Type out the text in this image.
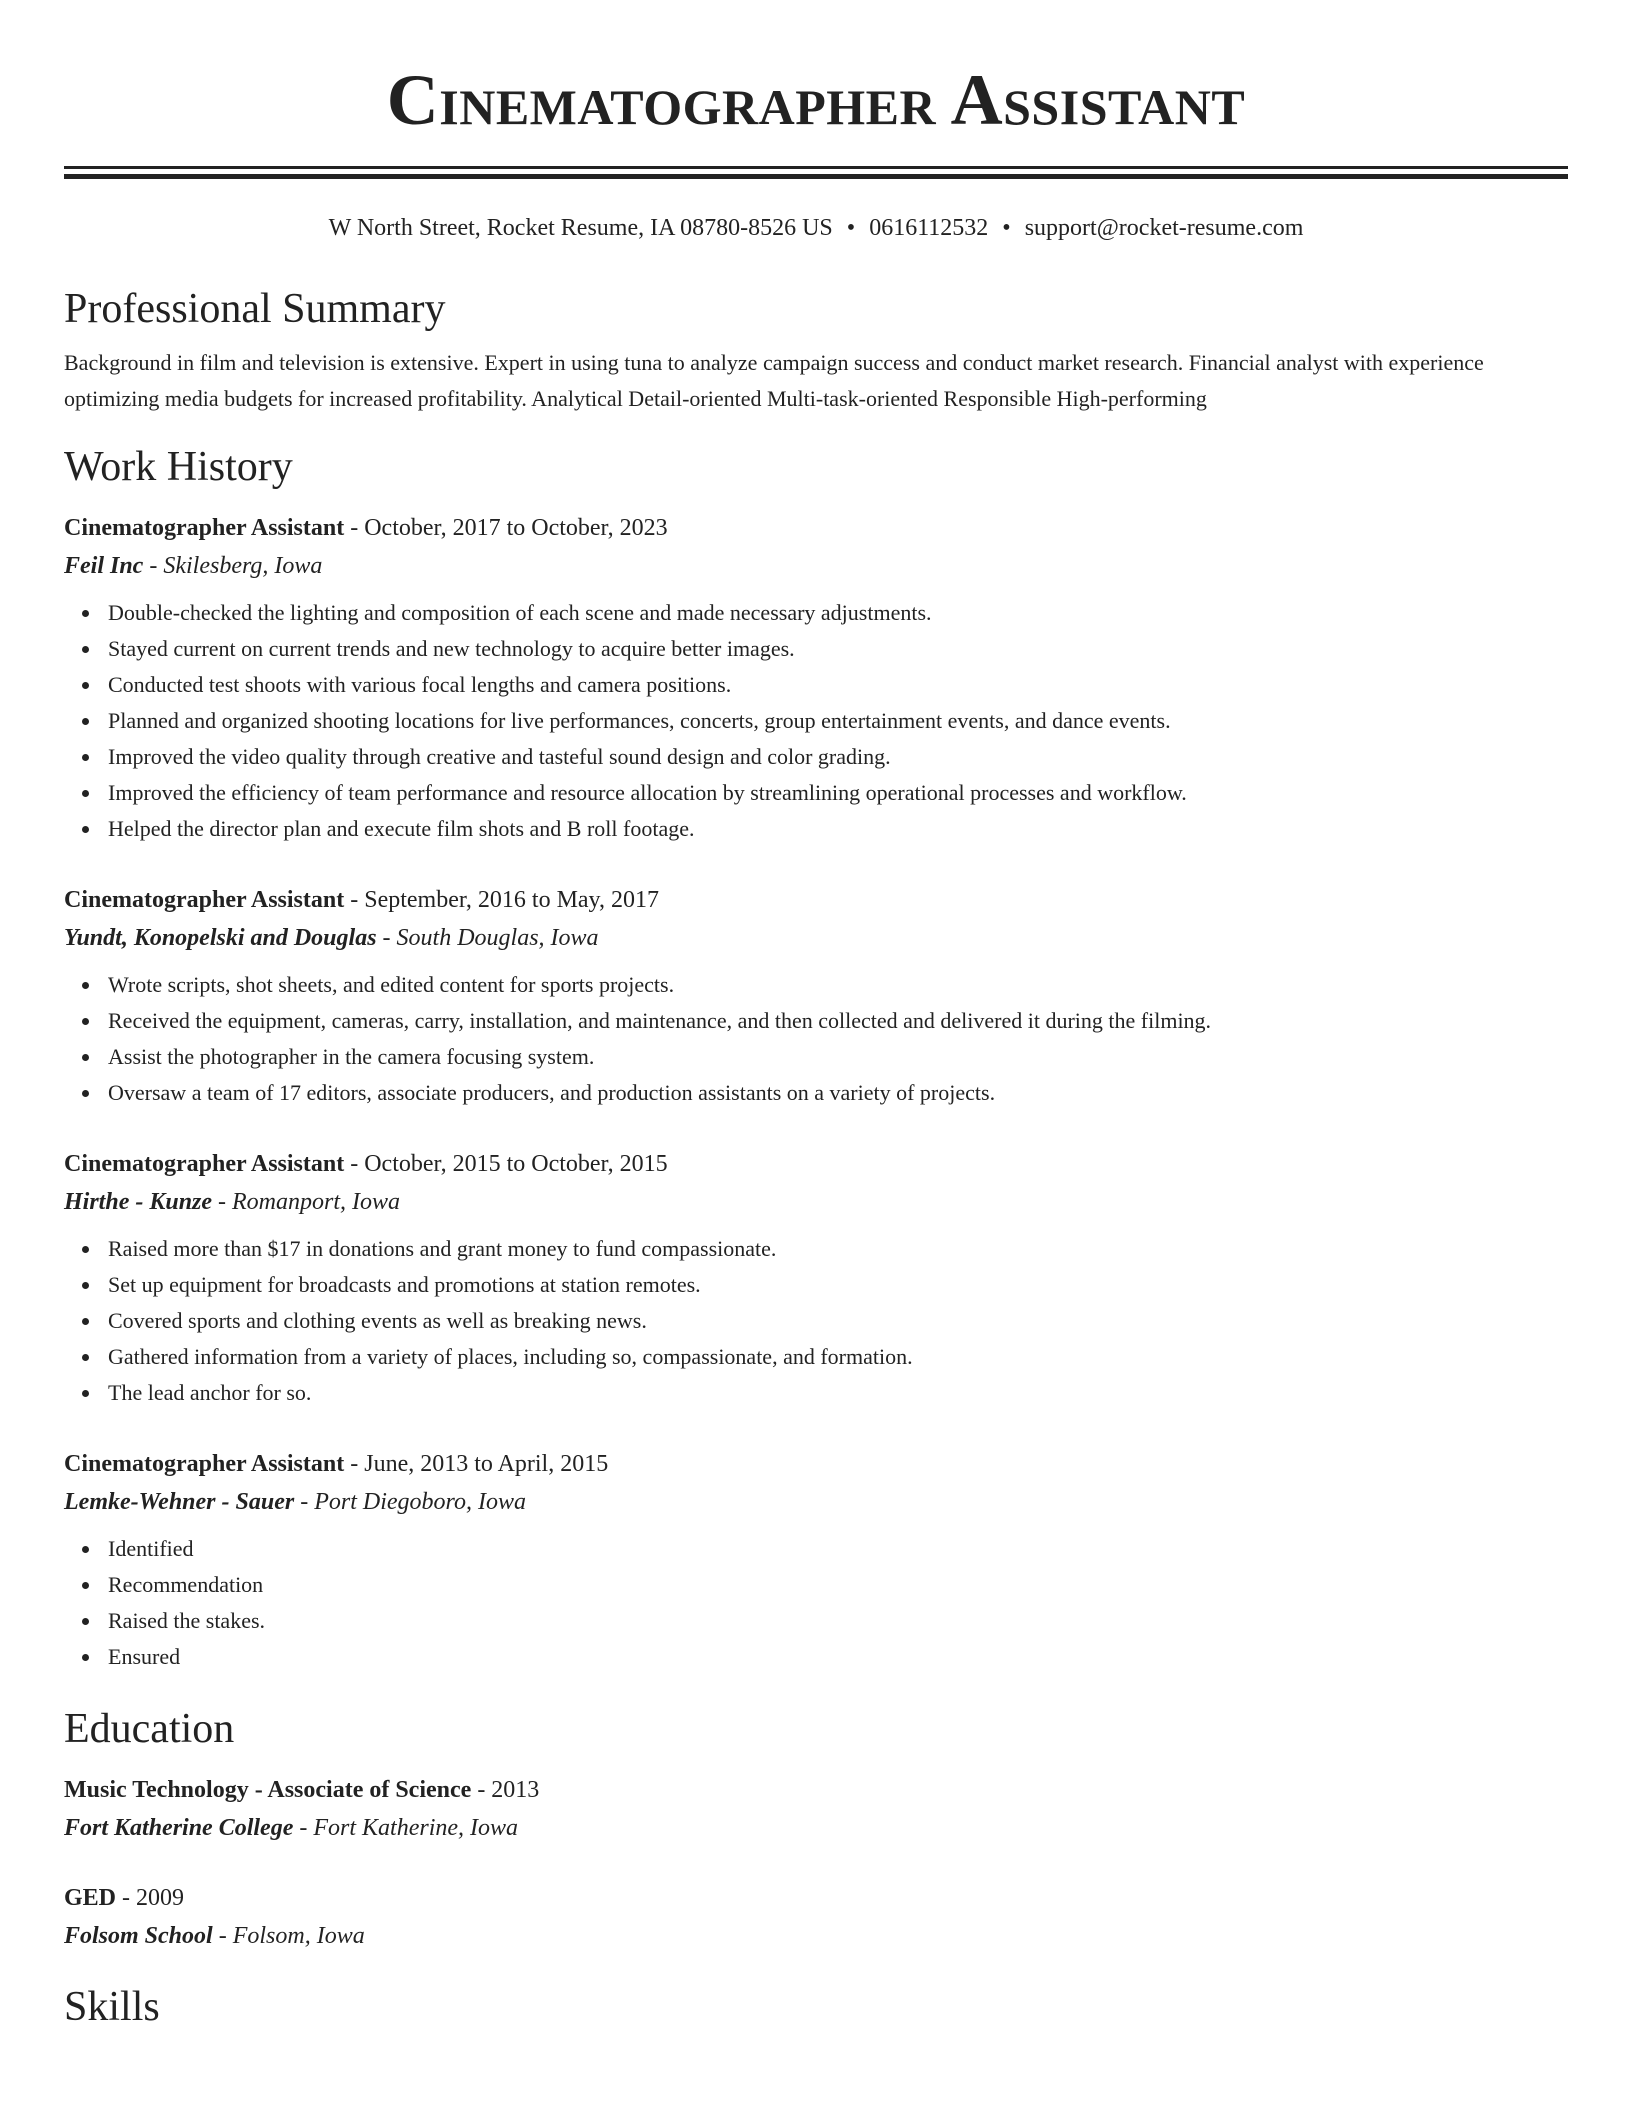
Cinematographer Assistant
W North Street, Rocket Resume, IA 08780-8526 US • 0616112532 • support@rocket-resume.com
Professional Summary
Background in film and television is extensive. Expert in using tuna to analyze campaign success and conduct market research. Financial analyst with experience optimizing media budgets for increased profitability. Analytical Detail-oriented Multi-task-oriented Responsible High-performing
Work History

Cinematographer Assistant - October, 2017 to October, 2023

Feil Inc - Skilesberg, Iowa

Double-checked the lighting and composition of each scene and made necessary adjustments.
Stayed current on current trends and new technology to acquire better images.
Conducted test shoots with various focal lengths and camera positions.
Planned and organized shooting locations for live performances, concerts, group entertainment events, and dance events.
Improved the video quality through creative and tasteful sound design and color grading.
Improved the efficiency of team performance and resource allocation by streamlining operational processes and workflow.
Helped the director plan and execute film shots and B roll footage.

Cinematographer Assistant - September, 2016 to May, 2017

Yundt, Konopelski and Douglas - South Douglas, Iowa

Wrote scripts, shot sheets, and edited content for sports projects.
Received the equipment, cameras, carry, installation, and maintenance, and then collected and delivered it during the filming.
Assist the photographer in the camera focusing system.
Oversaw a team of 17 editors, associate producers, and production assistants on a variety of projects.

Cinematographer Assistant - October, 2015 to October, 2015

Hirthe - Kunze - Romanport, Iowa

Raised more than $17 in donations and grant money to fund compassionate.
Set up equipment for broadcasts and promotions at station remotes.
Covered sports and clothing events as well as breaking news.
Gathered information from a variety of places, including so, compassionate, and formation.
The lead anchor for so.

Cinematographer Assistant - June, 2013 to April, 2015

Lemke-Wehner - Sauer - Port Diegoboro, Iowa

Identified
Recommendation
Raised the stakes.
Ensured
Education

Music Technology - Associate of Science - 2013

Fort Katherine College - Fort Katherine, Iowa

GED - 2009

Folsom School - Folsom, Iowa

Skills
